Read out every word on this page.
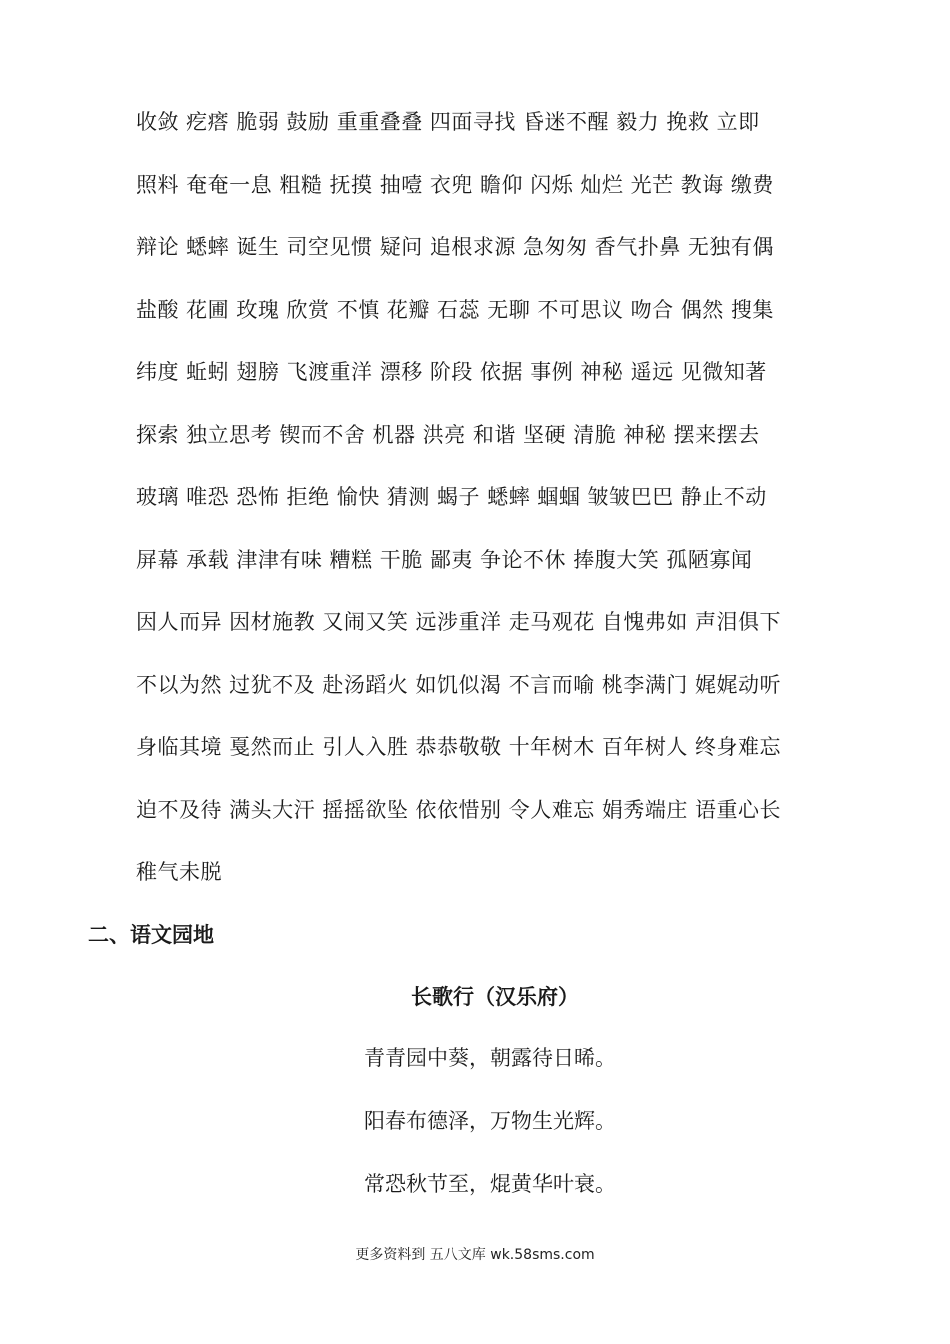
收敛 疙瘩 脆弱 鼓励 重重叠叠 四面寻找 昏迷不醒 毅力 挽救 立即
照料 奄奄一息 粗糙 抚摸 抽噎 衣兜 瞻仰 闪烁 灿烂 光芒 教诲 缴费
辩论 蟋蟀 诞生 司空见惯 疑问 追根求源 急匆匆 香气扑鼻 无独有偶
盐酸 花圃 玫瑰 欣赏 不慎 花瓣 石蕊 无聊 不可思议 吻合 偶然 搜集
纬度 蚯蚓 翅膀 飞渡重洋 漂移 阶段 依据 事例 神秘 遥远 见微知著
探索 独立思考 锲而不舍 机器 洪亮 和谐 坚硬 清脆 神秘 摆来摆去
玻璃 唯恐 恐怖 拒绝 愉快 猜测 蝎子 蟋蟀 蝈蝈 皱皱巴巴 静止不动
屏幕 承载 津津有味 糟糕 干脆 鄙夷 争论不休 捧腹大笑 孤陋寡闻
因人而异 因材施教 又闹又笑 远涉重洋 走马观花 自愧弗如 声泪俱下
不以为然 过犹不及 赴汤蹈火 如饥似渴 不言而喻 桃李满门 娓娓动听
身临其境 戛然而止 引人入胜 恭恭敬敬 十年树木 百年树人 终身难忘
迫不及待 满头大汗 摇摇欲坠 依依惜别 令人难忘 娟秀端庄 语重心长
稚气未脱
二、语文园地
长歌行（汉乐府）
青青园中葵，朝露待日晞。
阳春布德泽，万物生光辉。
常恐秋节至，焜黄华叶衰。
更多资料到 五八文库 wk.58sms.com
